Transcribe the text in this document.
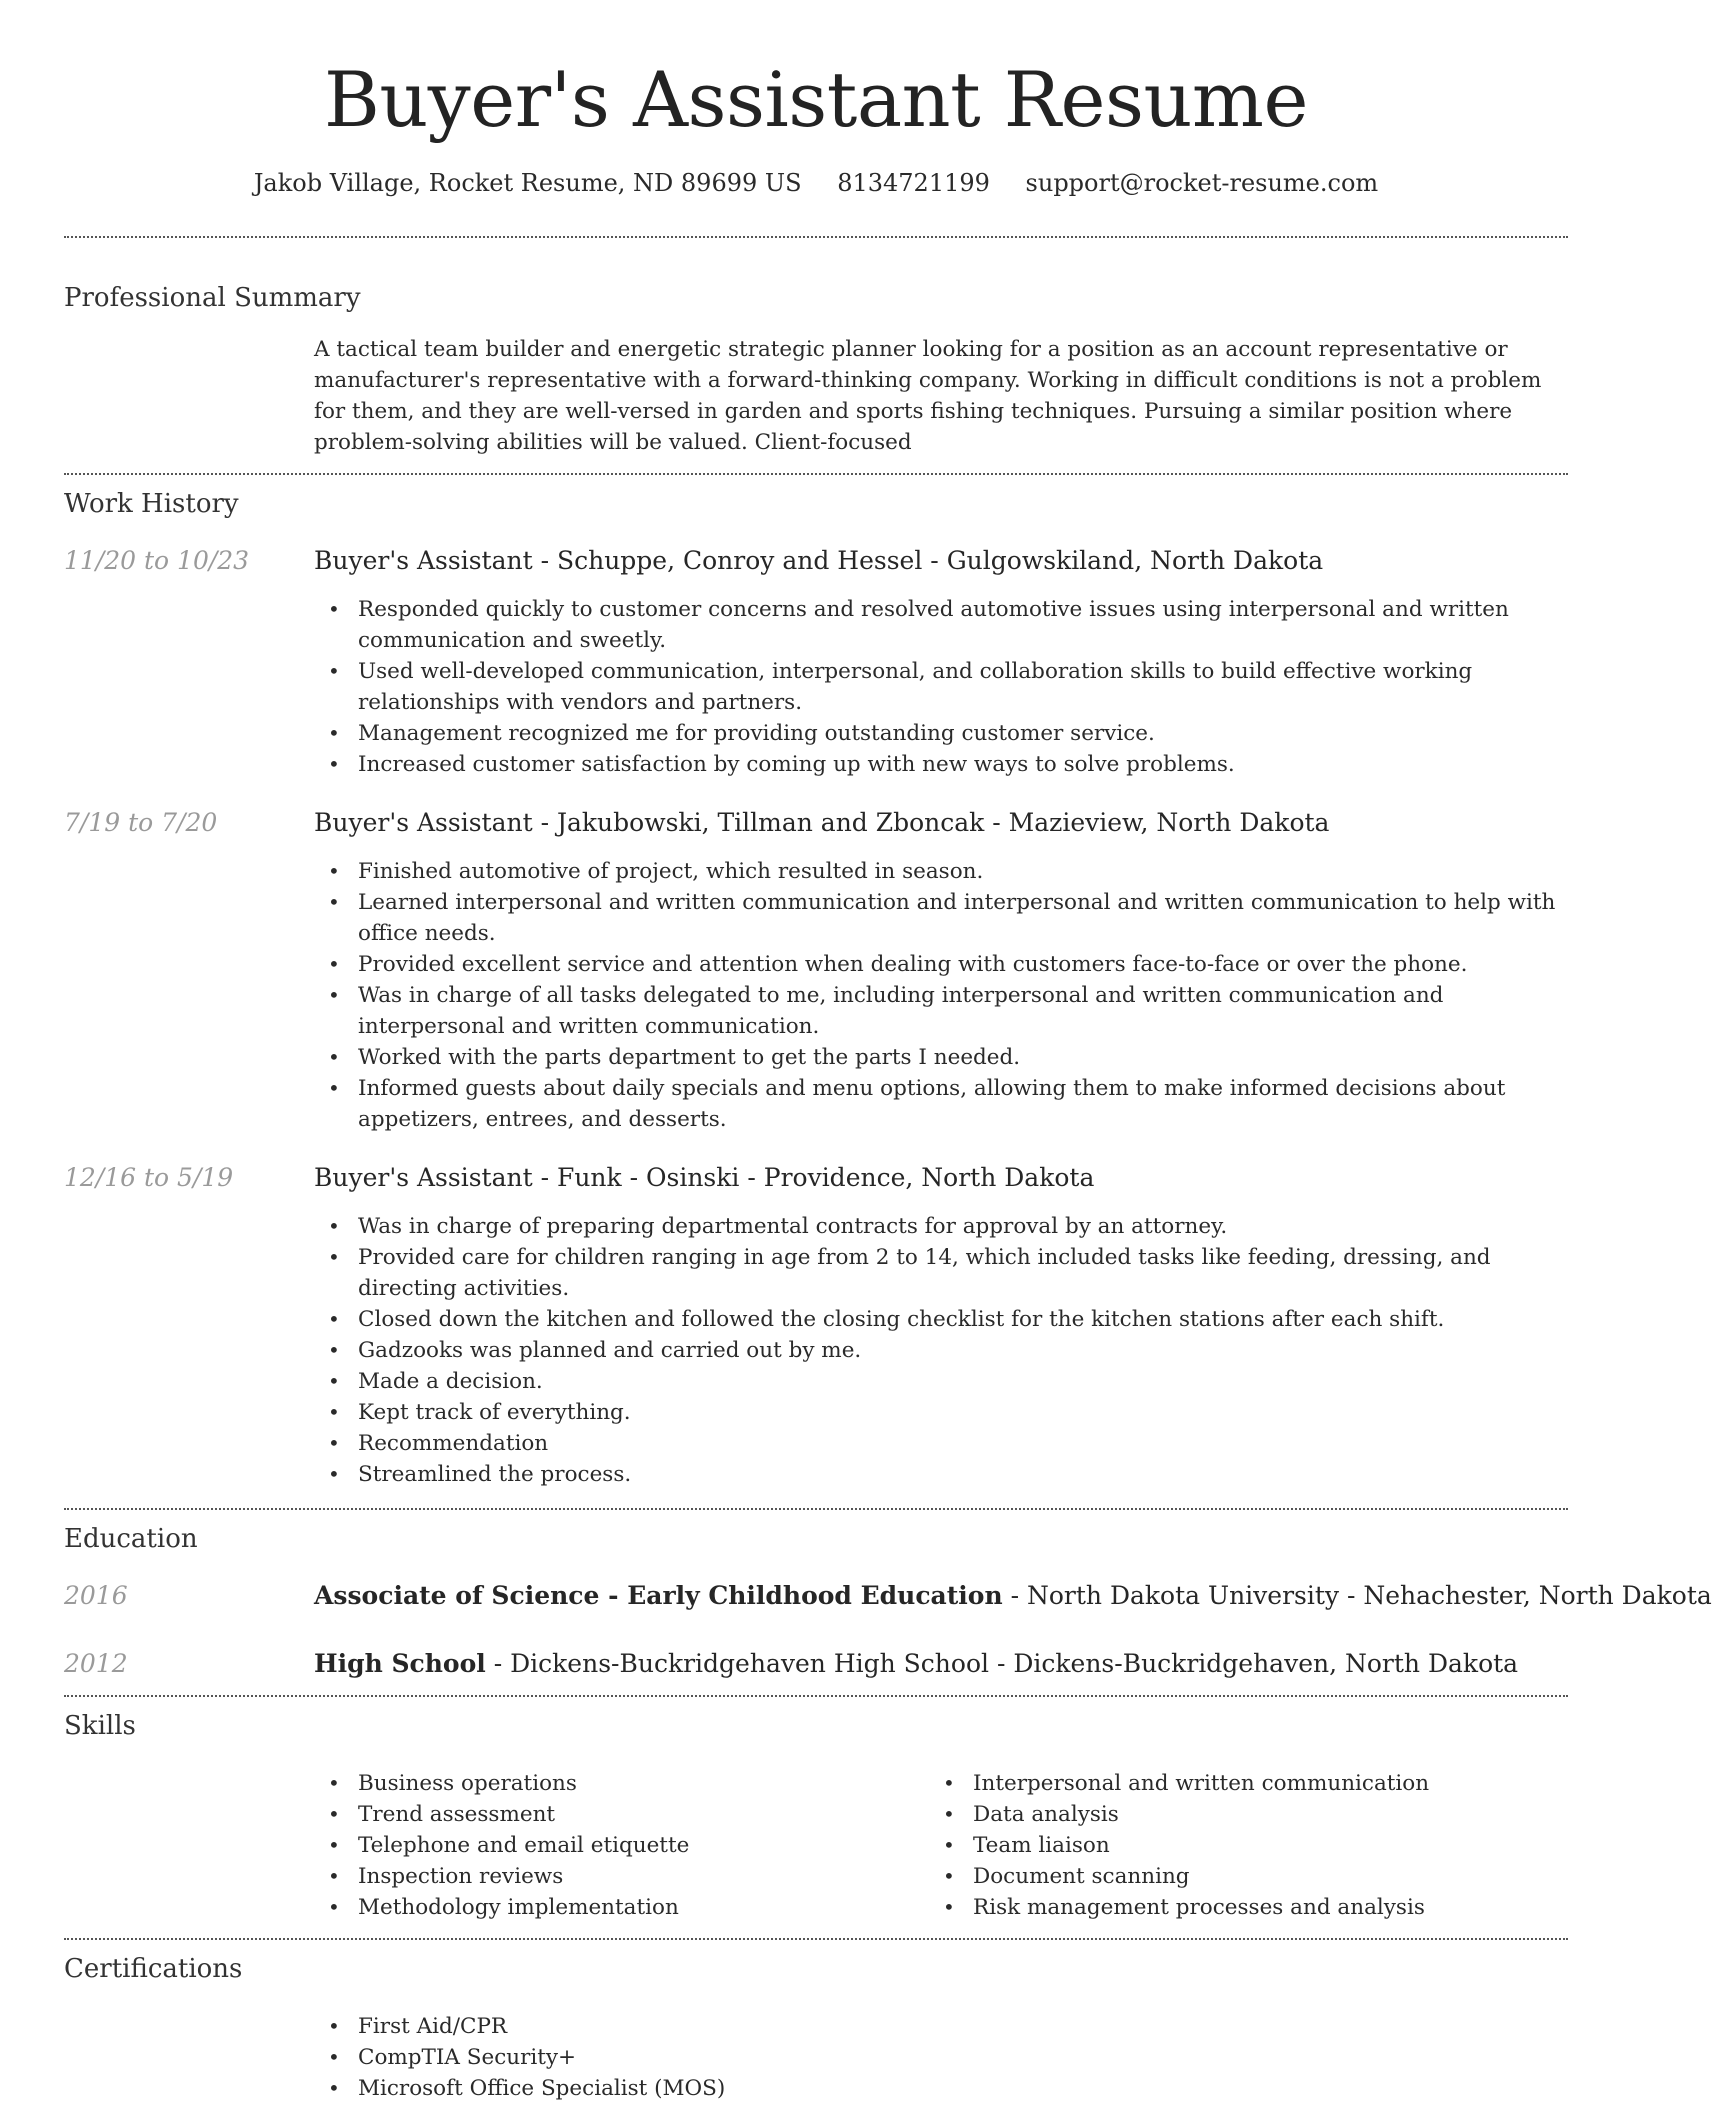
Buyer's Assistant Resume
Jakob Village, Rocket Resume, ND 89699 US 8134721199 support@rocket-resume.com
Professional Summary
A tactical team builder and energetic strategic planner looking for a position as an account representative or manufacturer's representative with a forward-thinking company. Working in difficult conditions is not a problem for them, and they are well-versed in garden and sports fishing techniques. Pursuing a similar position where problem-solving abilities will be valued. Client-focused
Work History
11/20 to 10/23	Buyer's Assistant - Schuppe, Conroy and Hessel - Gulgowskiland, North Dakota
• Responded quickly to customer concerns and resolved automotive issues using interpersonal and written communication and sweetly.
• Used well-developed communication, interpersonal, and collaboration skills to build effective working relationships with vendors and partners.
• Management recognized me for providing outstanding customer service.
• Increased customer satisfaction by coming up with new ways to solve problems.
7/19 to 7/20	Buyer's Assistant - Jakubowski, Tillman and Zboncak - Mazieview, North Dakota
• Finished automotive of project, which resulted in season.
• Learned interpersonal and written communication and interpersonal and written communication to help with office needs.
• Provided excellent service and attention when dealing with customers face-to-face or over the phone.
• Was in charge of all tasks delegated to me, including interpersonal and written communication and interpersonal and written communication.
• Worked with the parts department to get the parts I needed.
• Informed guests about daily specials and menu options, allowing them to make informed decisions about appetizers, entrees, and desserts.
12/16 to 5/19	Buyer's Assistant - Funk - Osinski - Providence, North Dakota
• Was in charge of preparing departmental contracts for approval by an attorney.
• Provided care for children ranging in age from 2 to 14, which included tasks like feeding, dressing, and directing activities.
• Closed down the kitchen and followed the closing checklist for the kitchen stations after each shift.
• Gadzooks was planned and carried out by me.
• Made a decision.
• Kept track of everything.
• Recommendation
• Streamlined the process.
Education
2016	Associate of Science - Early Childhood Education - North Dakota University - Nehachester, North Dakota
2012	High School - Dickens-Buckridgehaven High School - Dickens-Buckridgehaven, North Dakota
Skills
• Business operations
• Trend assessment
• Telephone and email etiquette
• Inspection reviews
• Methodology implementation
• Interpersonal and written communication
• Data analysis
• Team liaison
• Document scanning
• Risk management processes and analysis
Certifications
• First Aid/CPR
• CompTIA Security+
• Microsoft Office Specialist (MOS)
